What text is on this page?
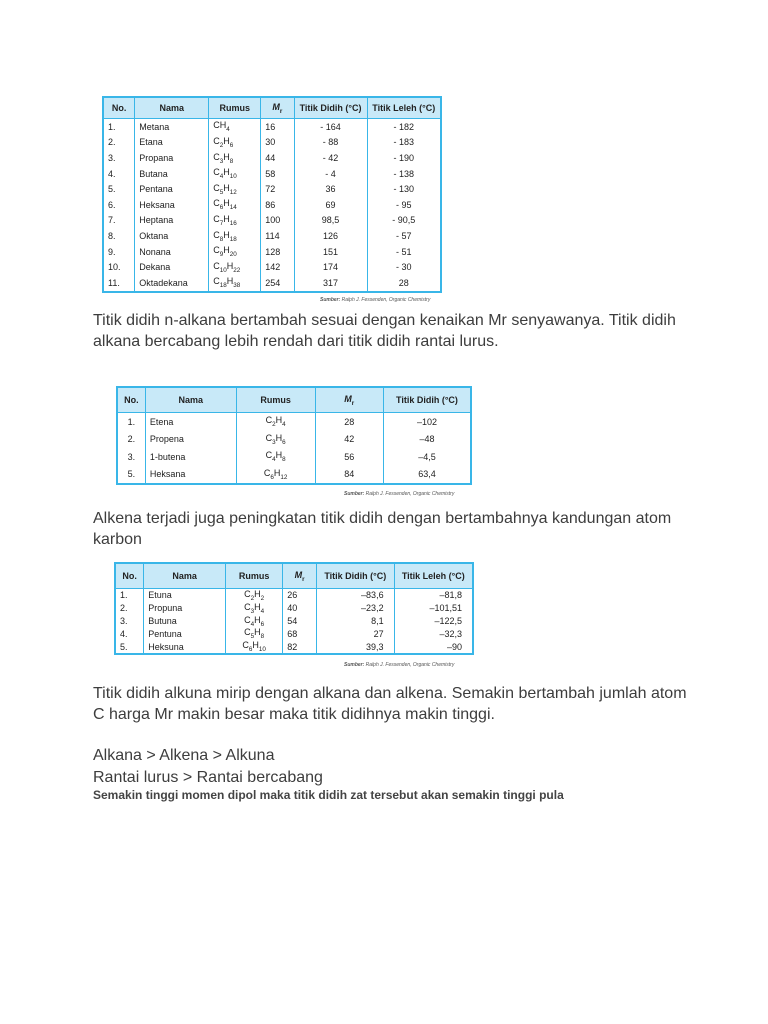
No.	Nama	Rumus	$M_r$	Titik Didih (°C)	Titik Leleh (°C)
1.	Metana	$CH_4$	16	- 164	- 182
2.	Etana	$C_2H_6$	30	- 88	- 183
3.	Propana	$C_3H_8$	44	- 42	- 190
4.	Butana	$C_4H_{10}$	58	- 4	- 138
5.	Pentana	$C_5H_{12}$	72	36	- 130
6.	Heksana	$C_6H_{14}$	86	69	- 95
7.	Heptana	$C_7H_{16}$	100	98,5	- 90,5
8.	Oktana	$C_8H_{18}$	114	126	- 57
9.	Nonana	$C_9H_{20}$	128	151	- 51
10.	Dekana	$C_{10}H_{22}$	142	174	- 30
11.	Oktadekana	$C_{18}H_{38}$	254	317	28
Sumber: Ralph J. Fessenden, Organic Chemistry

Titik didih n-alkana bertambah sesuai dengan kenaikan Mr senyawanya. Titik didih alkana bercabang lebih rendah dari titik didih rantai lurus.

No.	Nama	Rumus	$M_r$	Titik Didih (°C)
1.	Etena	$C_2H_4$	28	–102
2.	Propena	$C_3H_6$	42	–48
3.	1-butena	$C_4H_8$	56	–4,5
5.	Heksana	$C_6H_{12}$	84	63,4
Sumber: Ralph J. Fessenden, Organic Chemistry

Alkena terjadi juga peningkatan titik didih dengan bertambahnya kandungan atom karbon

No.	Nama	Rumus	$M_r$	Titik Didih (°C)	Titik Leleh (°C)
1.	Etuna	$C_2H_2$	26	–83,6	–81,8
2.	Propuna	$C_3H_4$	40	–23,2	–101,51
3.	Butuna	$C_4H_6$	54	8,1	–122,5
4.	Pentuna	$C_5H_8$	68	27	–32,3
5.	Heksuna	$C_6H_{10}$	82	39,3	–90
Sumber: Ralph J. Fessenden, Organic Chemistry

Titik didih alkuna mirip dengan alkana dan alkena. Semakin bertambah jumlah atom C harga Mr makin besar maka titik didihnya makin tinggi.

Alkana > Alkena > Alkuna

Rantai lurus > Rantai bercabang

Semakin tinggi momen dipol maka titik didih zat tersebut akan semakin tinggi pula
